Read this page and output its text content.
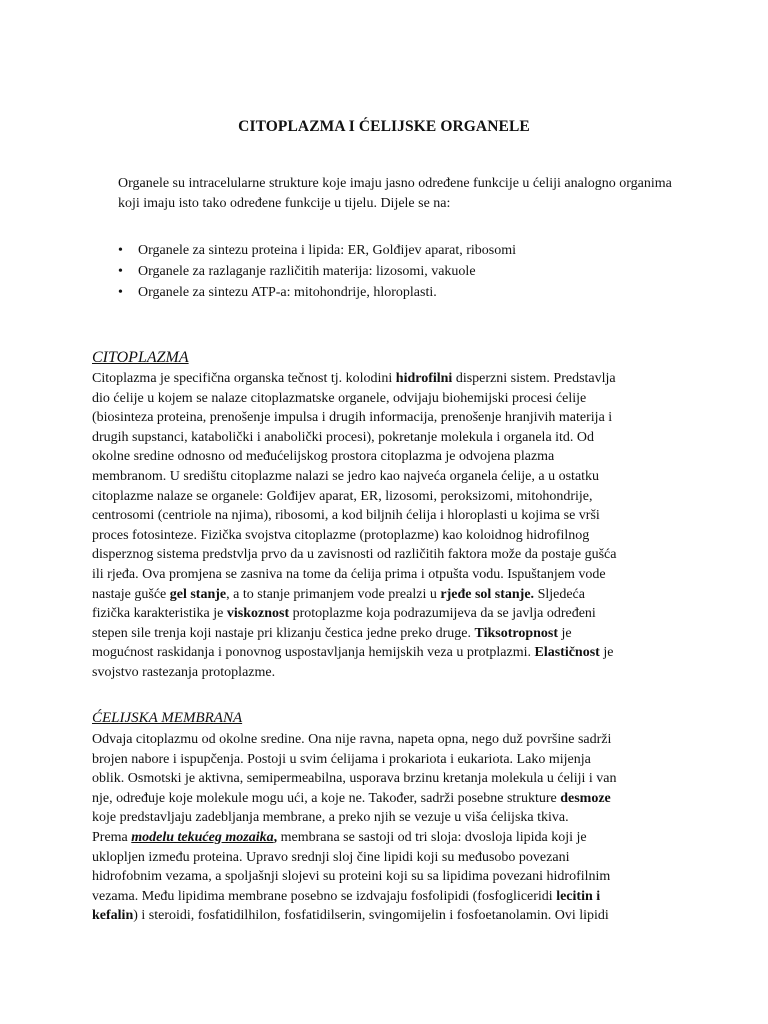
CITOPLAZMA I ĆELIJSKE ORGANELE
Organele su intracelularne strukture koje imaju jasno određene funkcije u ćeliji analogno organima koji imaju isto tako određene funkcije u tijelu. Dijele se na:
• Organele za sintezu proteina i lipida: ER, Golđijev aparat, ribosomi
• Organele za razlaganje različitih materija: lizosomi, vakuole
• Organele za sintezu ATP-a: mitohondrije, hloroplasti.
CITOPLAZMA
Citoplazma je specifična organska tečnost tj. kolodini hidrofilni disperzni sistem. Predstavlja
dio ćelije u kojem se nalaze citoplazmatske organele, odvijaju biohemijski procesi ćelije
(biosinteza proteina, prenošenje impulsa i drugih informacija, prenošenje hranjivih materija i
drugih supstanci, katabolički i anabolički procesi), pokretanje molekula i organela itd. Od
okolne sredine odnosno od međućelijskog prostora citoplazma je odvojena plazma
membranom. U središtu citoplazme nalazi se jedro kao najveća organela ćelije, a u ostatku
citoplazme nalaze se organele: Golđijev aparat, ER, lizosomi, peroksizomi, mitohondrije,
centrosomi (centriole na njima), ribosomi, a kod biljnih ćelija i hloroplasti u kojima se vrši
proces fotosinteze. Fizička svojstva citoplazme (protoplazme) kao koloidnog hidrofilnog
disperznog sistema predstvlja prvo da u zavisnosti od različitih faktora može da postaje gušća
ili rjeđa. Ova promjena se zasniva na tome da ćelija prima i otpušta vodu. Ispuštanjem vode
nastaje gušće gel stanje, a to stanje primanjem vode prealzi u rjeđe sol stanje. Sljedeća
fizička karakteristika je viskoznost protoplazme koja podrazumijeva da se javlja određeni
stepen sile trenja koji nastaje pri klizanju čestica jedne preko druge. Tiksotropnost je
mogućnost raskidanja i ponovnog uspostavljanja hemijskih veza u protplazmi. Elastičnost je
svojstvo rastezanja protoplazme.
ĆELIJSKA MEMBRANA
Odvaja citoplazmu od okolne sredine. Ona nije ravna, napeta opna, nego duž površine sadrži
brojen nabore i ispupčenja. Postoji u svim ćelijama i prokariota i eukariota. Lako mijenja
oblik. Osmotski je aktivna, semipermeabilna, usporava brzinu kretanja molekula u ćeliji i van
nje, određuje koje molekule mogu ući, a koje ne. Također, sadrži posebne strukture desmoze
koje predstavljaju zadebljanja membrane, a preko njih se vezuje u viša ćelijska tkiva.
Prema modelu tekućeg mozaika, membrana se sastoji od tri sloja: dvosloja lipida koji je
uklopljen između proteina. Upravo srednji sloj čine lipidi koji su međusobo povezani
hidrofobnim vezama, a spoljašnji slojevi su proteini koji su sa lipidima povezani hidrofilnim
vezama. Među lipidima membrane posebno se izdvajaju fosfolipidi (fosfogliceridi lecitin i
kefalin) i steroidi, fosfatidilhilon, fosfatidilserin, svingomijelin i fosfoetanolamin. Ovi lipidi
